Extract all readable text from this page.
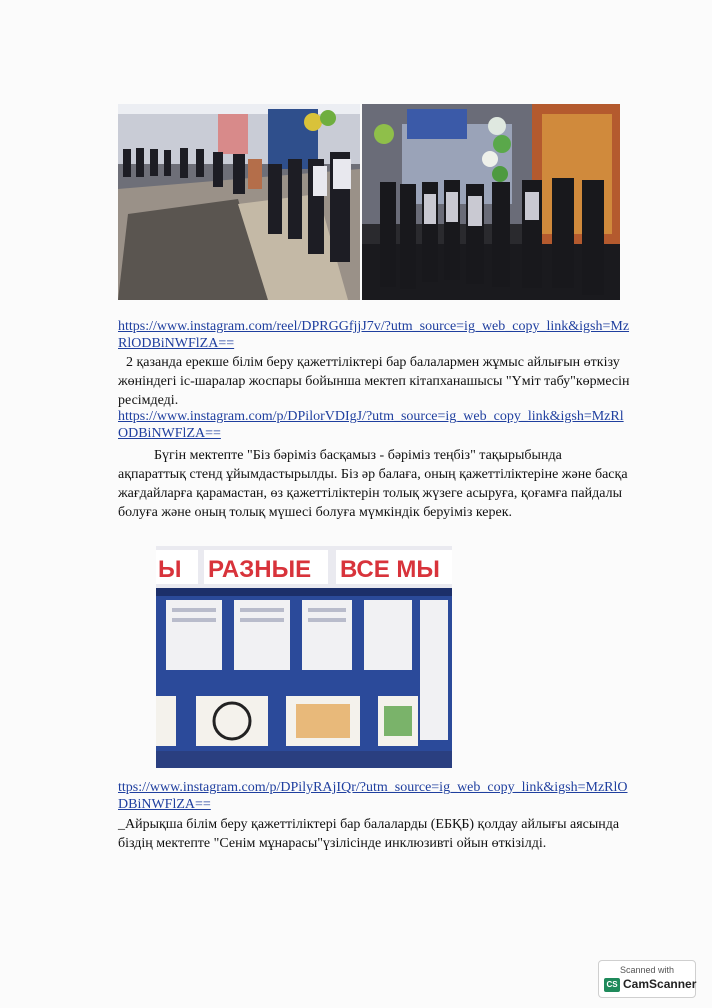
https://www.instagram.com/reel/DPRGGfjjJ7v/?utm_source=ig_web_copy_link&igsh=MzRlODBiNWFlZA==
2 қазанда ерекше білім беру қажеттіліктері бар балалармен жұмыс айлығын өткізу жөніндегі іс-шаралар жоспары бойынша мектеп кітапханашысы "Үміт табу"көрмесін ресімдеді.
https://www.instagram.com/p/DPilorVDIgJ/?utm_source=ig_web_copy_link&igsh=MzRlODBiNWFlZA==
Бүгін мектепте "Біз бәріміз басқамыз - бәріміз теңбіз" тақырыбында ақпараттық стенд ұйымдастырылды. Біз әр балаға, оның қажеттіліктеріне және басқа жағдайларға қарамастан, өз қажеттіліктерін толық жүзеге асыруға, қоғамға пайдалы болуға және оның толық мүшесі болуға мүмкіндік беруіміз керек.
Ы РАЗНЫЕ ВСЕ МЫ
ttps://www.instagram.com/p/DPilyRAjIQr/?utm_source=ig_web_copy_link&igsh=MzRlODBiNWFlZA==
_Айрықша білім беру қажеттіліктері бар балаларды (ЕБҚБ) қолдау айлығы аясында біздің мектепте "Сенім мұнарасы"үзілісінде инклюзивті ойын өткізілді.
Scanned with
CS CamScanner
